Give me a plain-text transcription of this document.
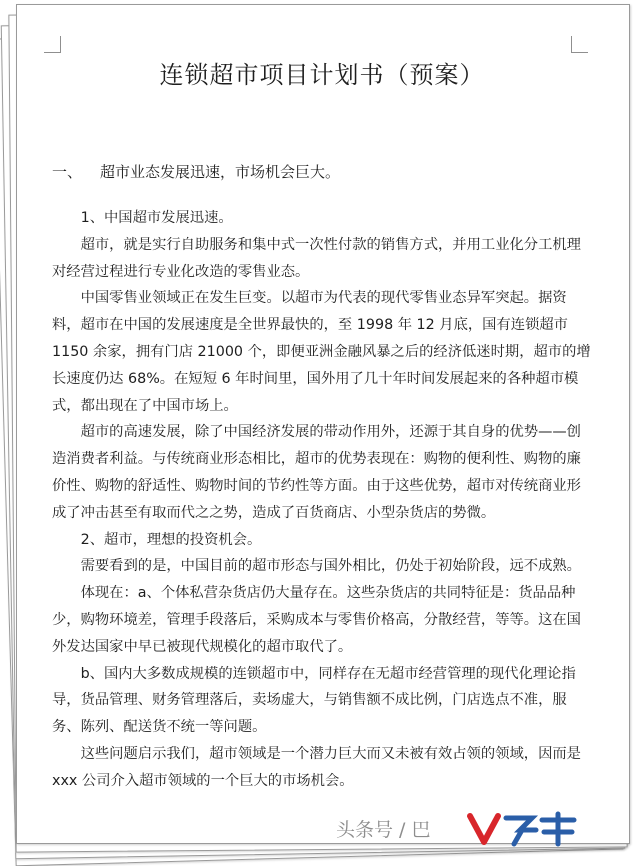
连锁超市项目计划书（预案）
一、 超市业态发展迅速，市场机会巨大。

1、中国超市发展迅速。

超市，就是实行自助服务和集中式一次性付款的销售方式，并用工业化分工机理对经营过程进行专业化改造的零售业态。

中国零售业领域正在发生巨变。以超市为代表的现代零售业态异军突起。据资料，超市在中国的发展速度是全世界最快的，至 1998 年 12 月底，国有连锁超市 1150 余家，拥有门店 21000 个，即便亚洲金融风暴之后的经济低迷时期，超市的增长速度仍达 68%。在短短 6 年时间里，国外用了几十年时间发展起来的各种超市模式，都出现在了中国市场上。

超市的高速发展，除了中国经济发展的带动作用外，还源于其自身的优势——创造消费者利益。与传统商业形态相比，超市的优势表现在：购物的便利性、购物的廉价性、购物的舒适性、购物时间的节约性等方面。由于这些优势，超市对传统商业形成了冲击甚至有取而代之之势，造成了百货商店、小型杂货店的势微。

2、超市，理想的投资机会。

需要看到的是，中国目前的超市形态与国外相比，仍处于初始阶段，远不成熟。

体现在：a、个体私营杂货店仍大量存在。这些杂货店的共同特征是：货品品种少，购物环境差，管理手段落后，采购成本与零售价格高，分散经营，等等。这在国外发达国家中早已被现代规模化的超市取代了。

b、国内大多数成规模的连锁超市中，同样存在无超市经营管理的现代化理论指导，货品管理、财务管理落后，卖场虚大，与销售额不成比例，门店选点不准，服务、陈列、配送货不统一等问题。

这些问题启示我们，超市领域是一个潜力巨大而又未被有效占领的领域，因而是 xxx 公司介入超市领域的一个巨大的市场机会。

头条号 / 巴
